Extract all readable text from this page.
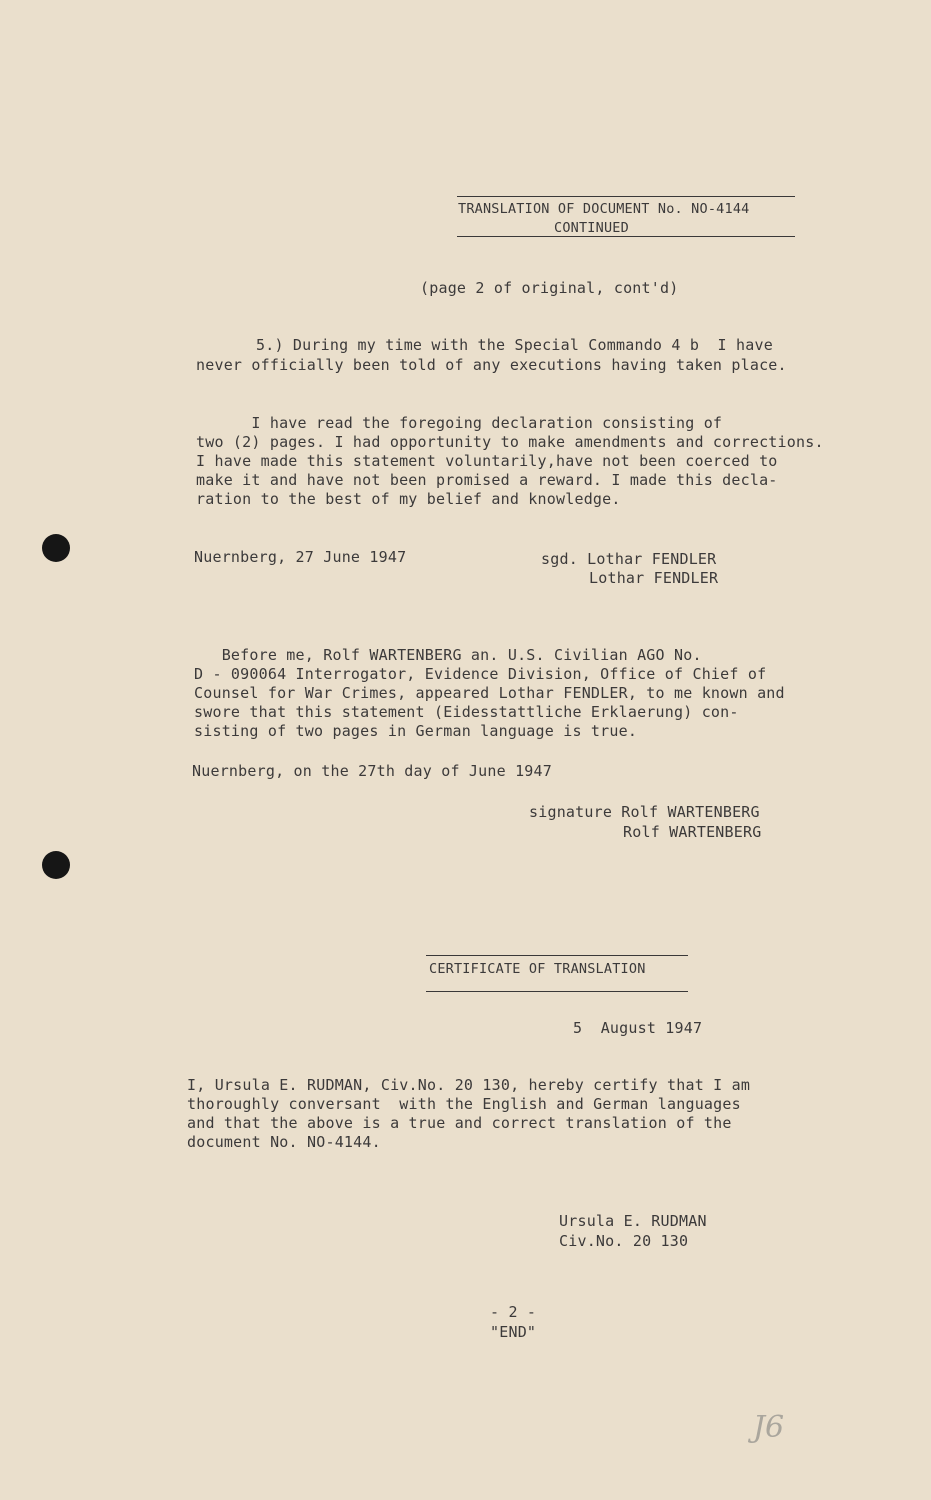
TRANSLATION OF DOCUMENT No. NO-4144
CONTINUED
(page 2 of original, cont'd)
5.) During my time with the Special Commando 4 b  I have
never officially been told of any executions having taken place.
I have read the foregoing declaration consisting of
two (2) pages. I had opportunity to make amendments and corrections.
I have made this statement voluntarily,have not been coerced to
make it and have not been promised a reward. I made this decla-
ration to the best of my belief and knowledge.
Nuernberg, 27 June 1947	sgd. Lothar FENDLER
Lothar FENDLER
Before me, Rolf WARTENBERG an. U.S. Civilian AGO No.
D - 090064 Interrogator, Evidence Division, Office of Chief of
Counsel for War Crimes, appeared Lothar FENDLER, to me known and
swore that this statement (Eidesstattliche Erklaerung) con-
sisting of two pages in German language is true.
Nuernberg, on the 27th day of June 1947
signature Rolf WARTENBERG
Rolf WARTENBERG
CERTIFICATE OF TRANSLATION
5  August 1947
I, Ursula E. RUDMAN, Civ.No. 20 130, hereby certify that I am
thoroughly conversant  with the English and German languages
and that the above is a true and correct translation of the
document No. NO-4144.
Ursula E. RUDMAN
Civ.No. 20 130
- 2 -
"END"
J6
